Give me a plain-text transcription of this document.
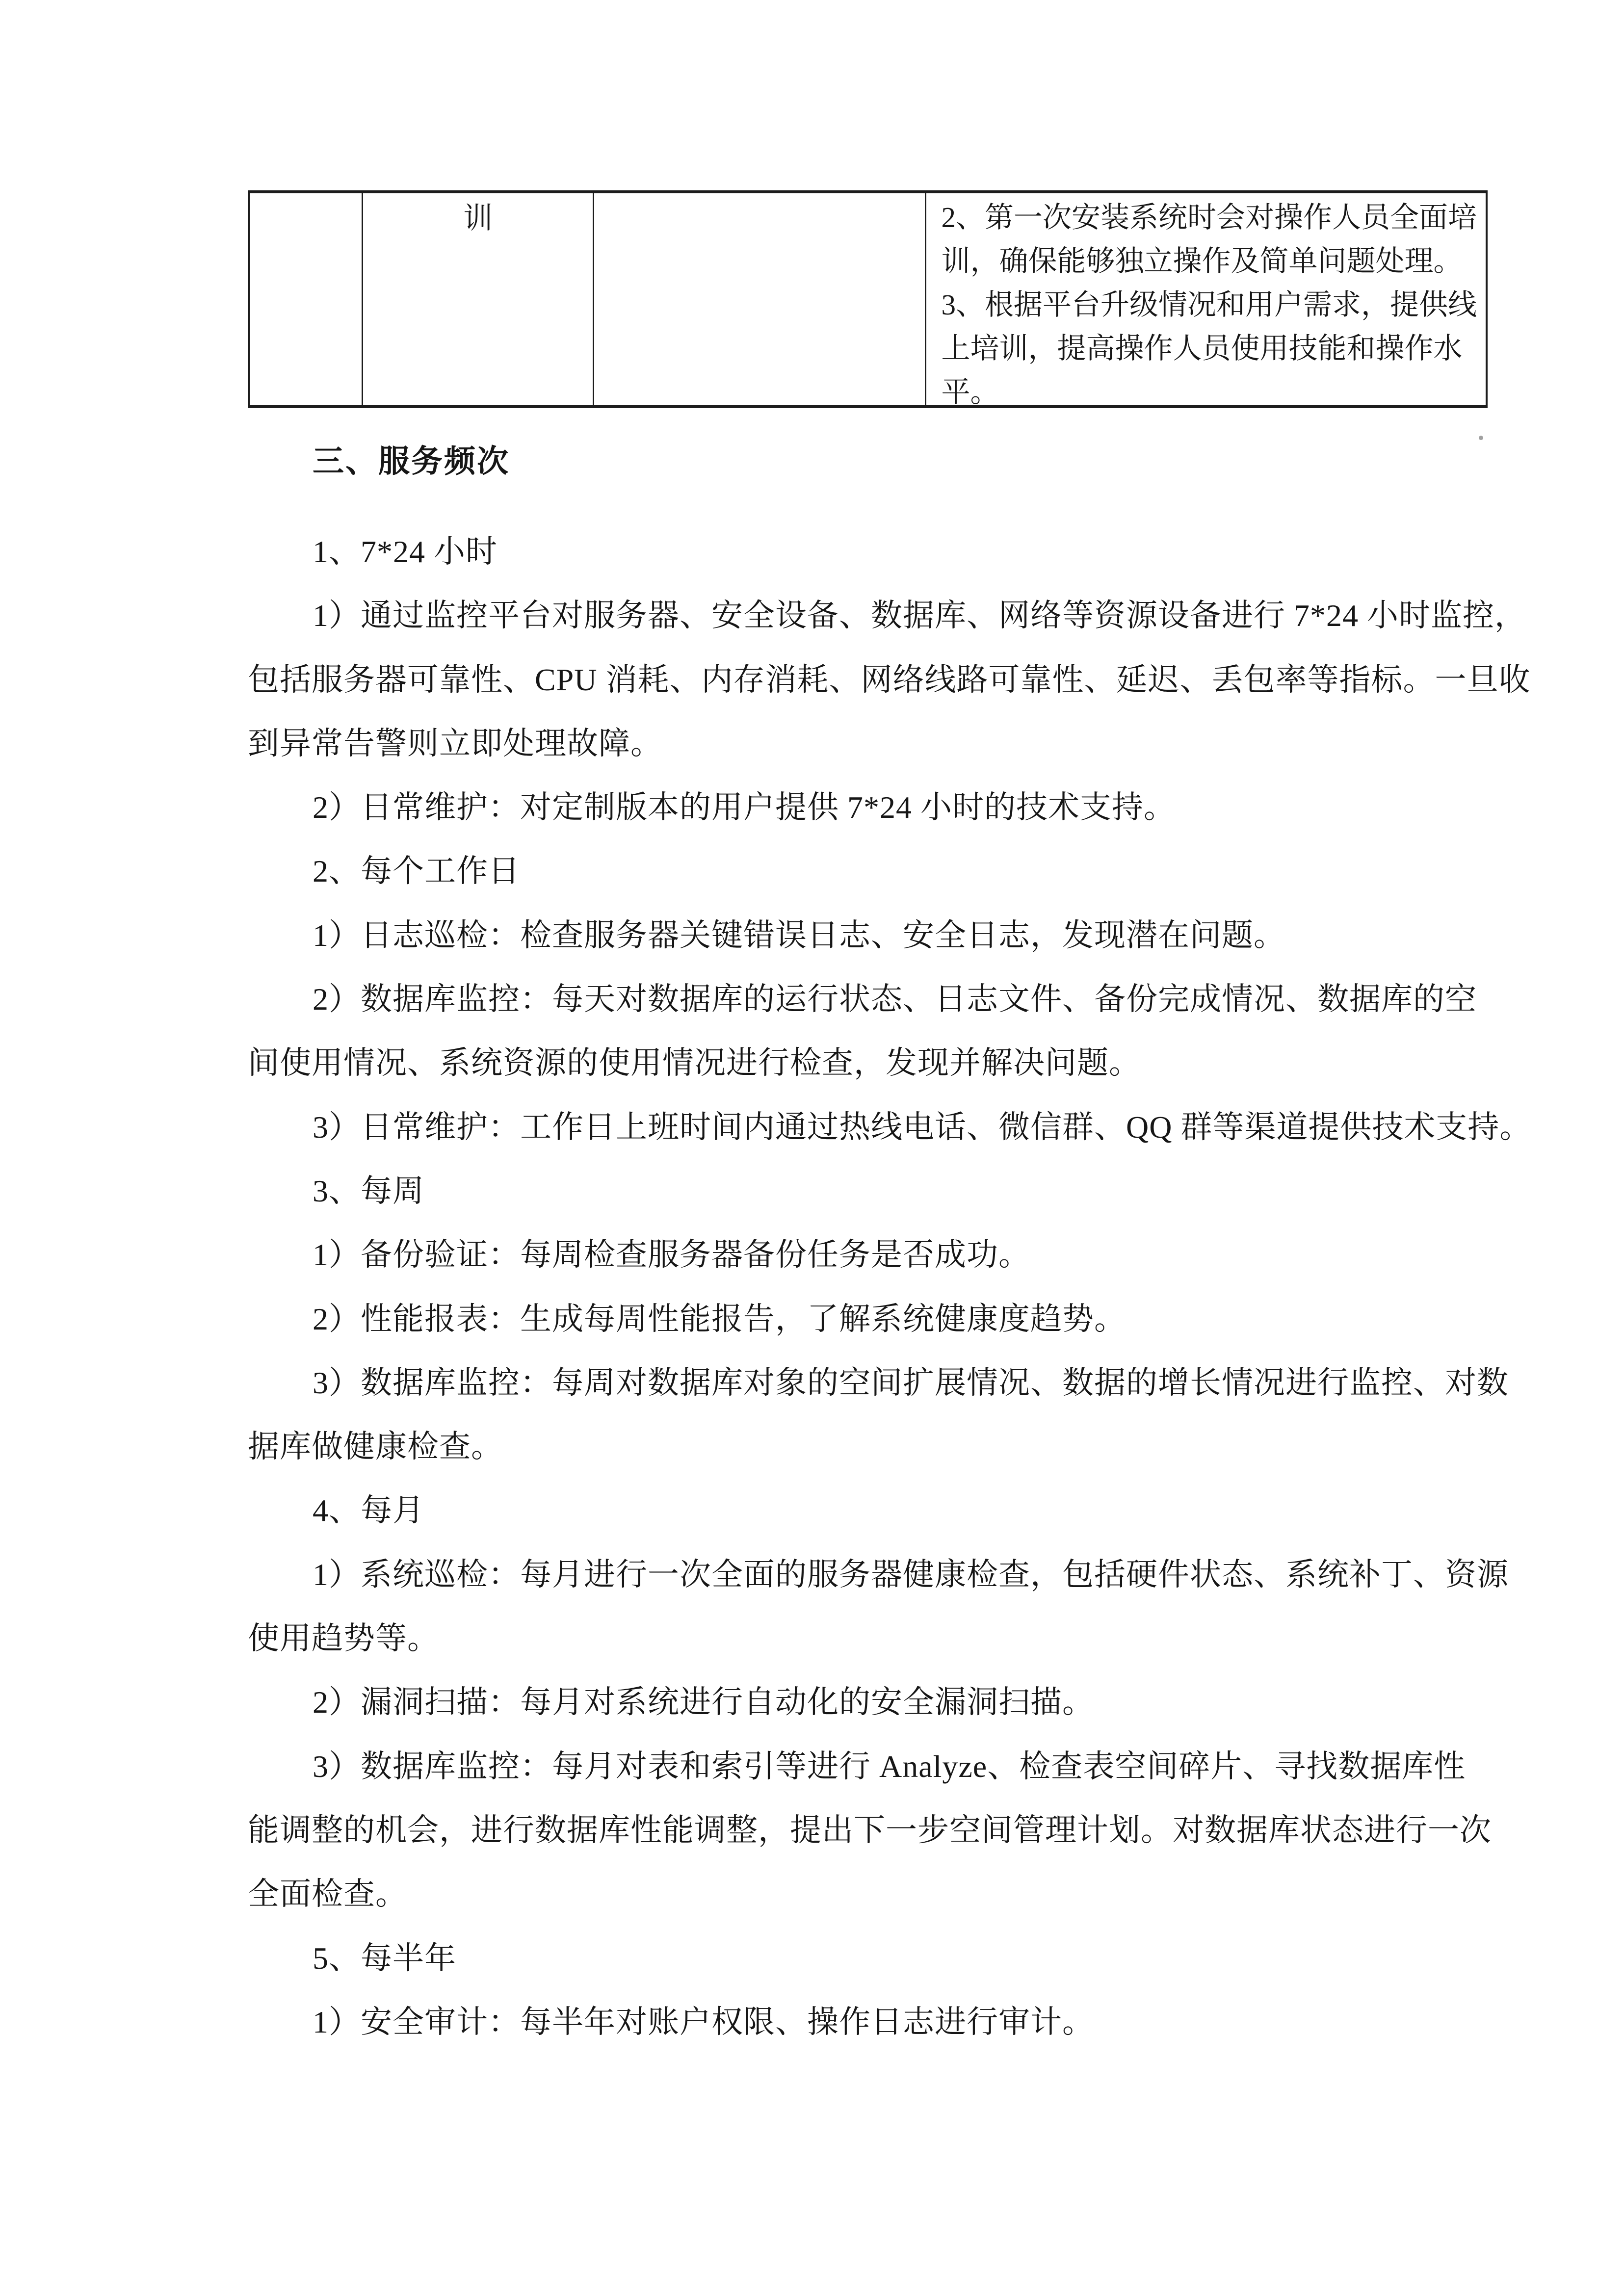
训	2、第一次安装系统时会对操作人员全面培
训，确保能够独立操作及简单问题处理。
3、根据平台升级情况和用户需求，提供线
上培训，提高操作人员使用技能和操作水
平。
三、服务频次
1、7*24 小时
1）通过监控平台对服务器、安全设备、数据库、网络等资源设备进行 7*24 小时监控，
包括服务器可靠性、CPU 消耗、内存消耗、网络线路可靠性、延迟、丢包率等指标。一旦收
到异常告警则立即处理故障。
2）日常维护：对定制版本的用户提供 7*24 小时的技术支持。
2、每个工作日
1）日志巡检：检查服务器关键错误日志、安全日志，发现潜在问题。
2）数据库监控：每天对数据库的运行状态、日志文件、备份完成情况、数据库的空
间使用情况、系统资源的使用情况进行检查，发现并解决问题。
3）日常维护：工作日上班时间内通过热线电话、微信群、QQ 群等渠道提供技术支持。
3、每周
1）备份验证：每周检查服务器备份任务是否成功。
2）性能报表：生成每周性能报告，了解系统健康度趋势。
3）数据库监控：每周对数据库对象的空间扩展情况、数据的增长情况进行监控、对数
据库做健康检查。
4、每月
1）系统巡检：每月进行一次全面的服务器健康检查，包括硬件状态、系统补丁、资源
使用趋势等。
2）漏洞扫描：每月对系统进行自动化的安全漏洞扫描。
3）数据库监控：每月对表和索引等进行 Analyze、检查表空间碎片、寻找数据库性
能调整的机会，进行数据库性能调整，提出下一步空间管理计划。对数据库状态进行一次
全面检查。
5、每半年
1）安全审计：每半年对账户权限、操作日志进行审计。
